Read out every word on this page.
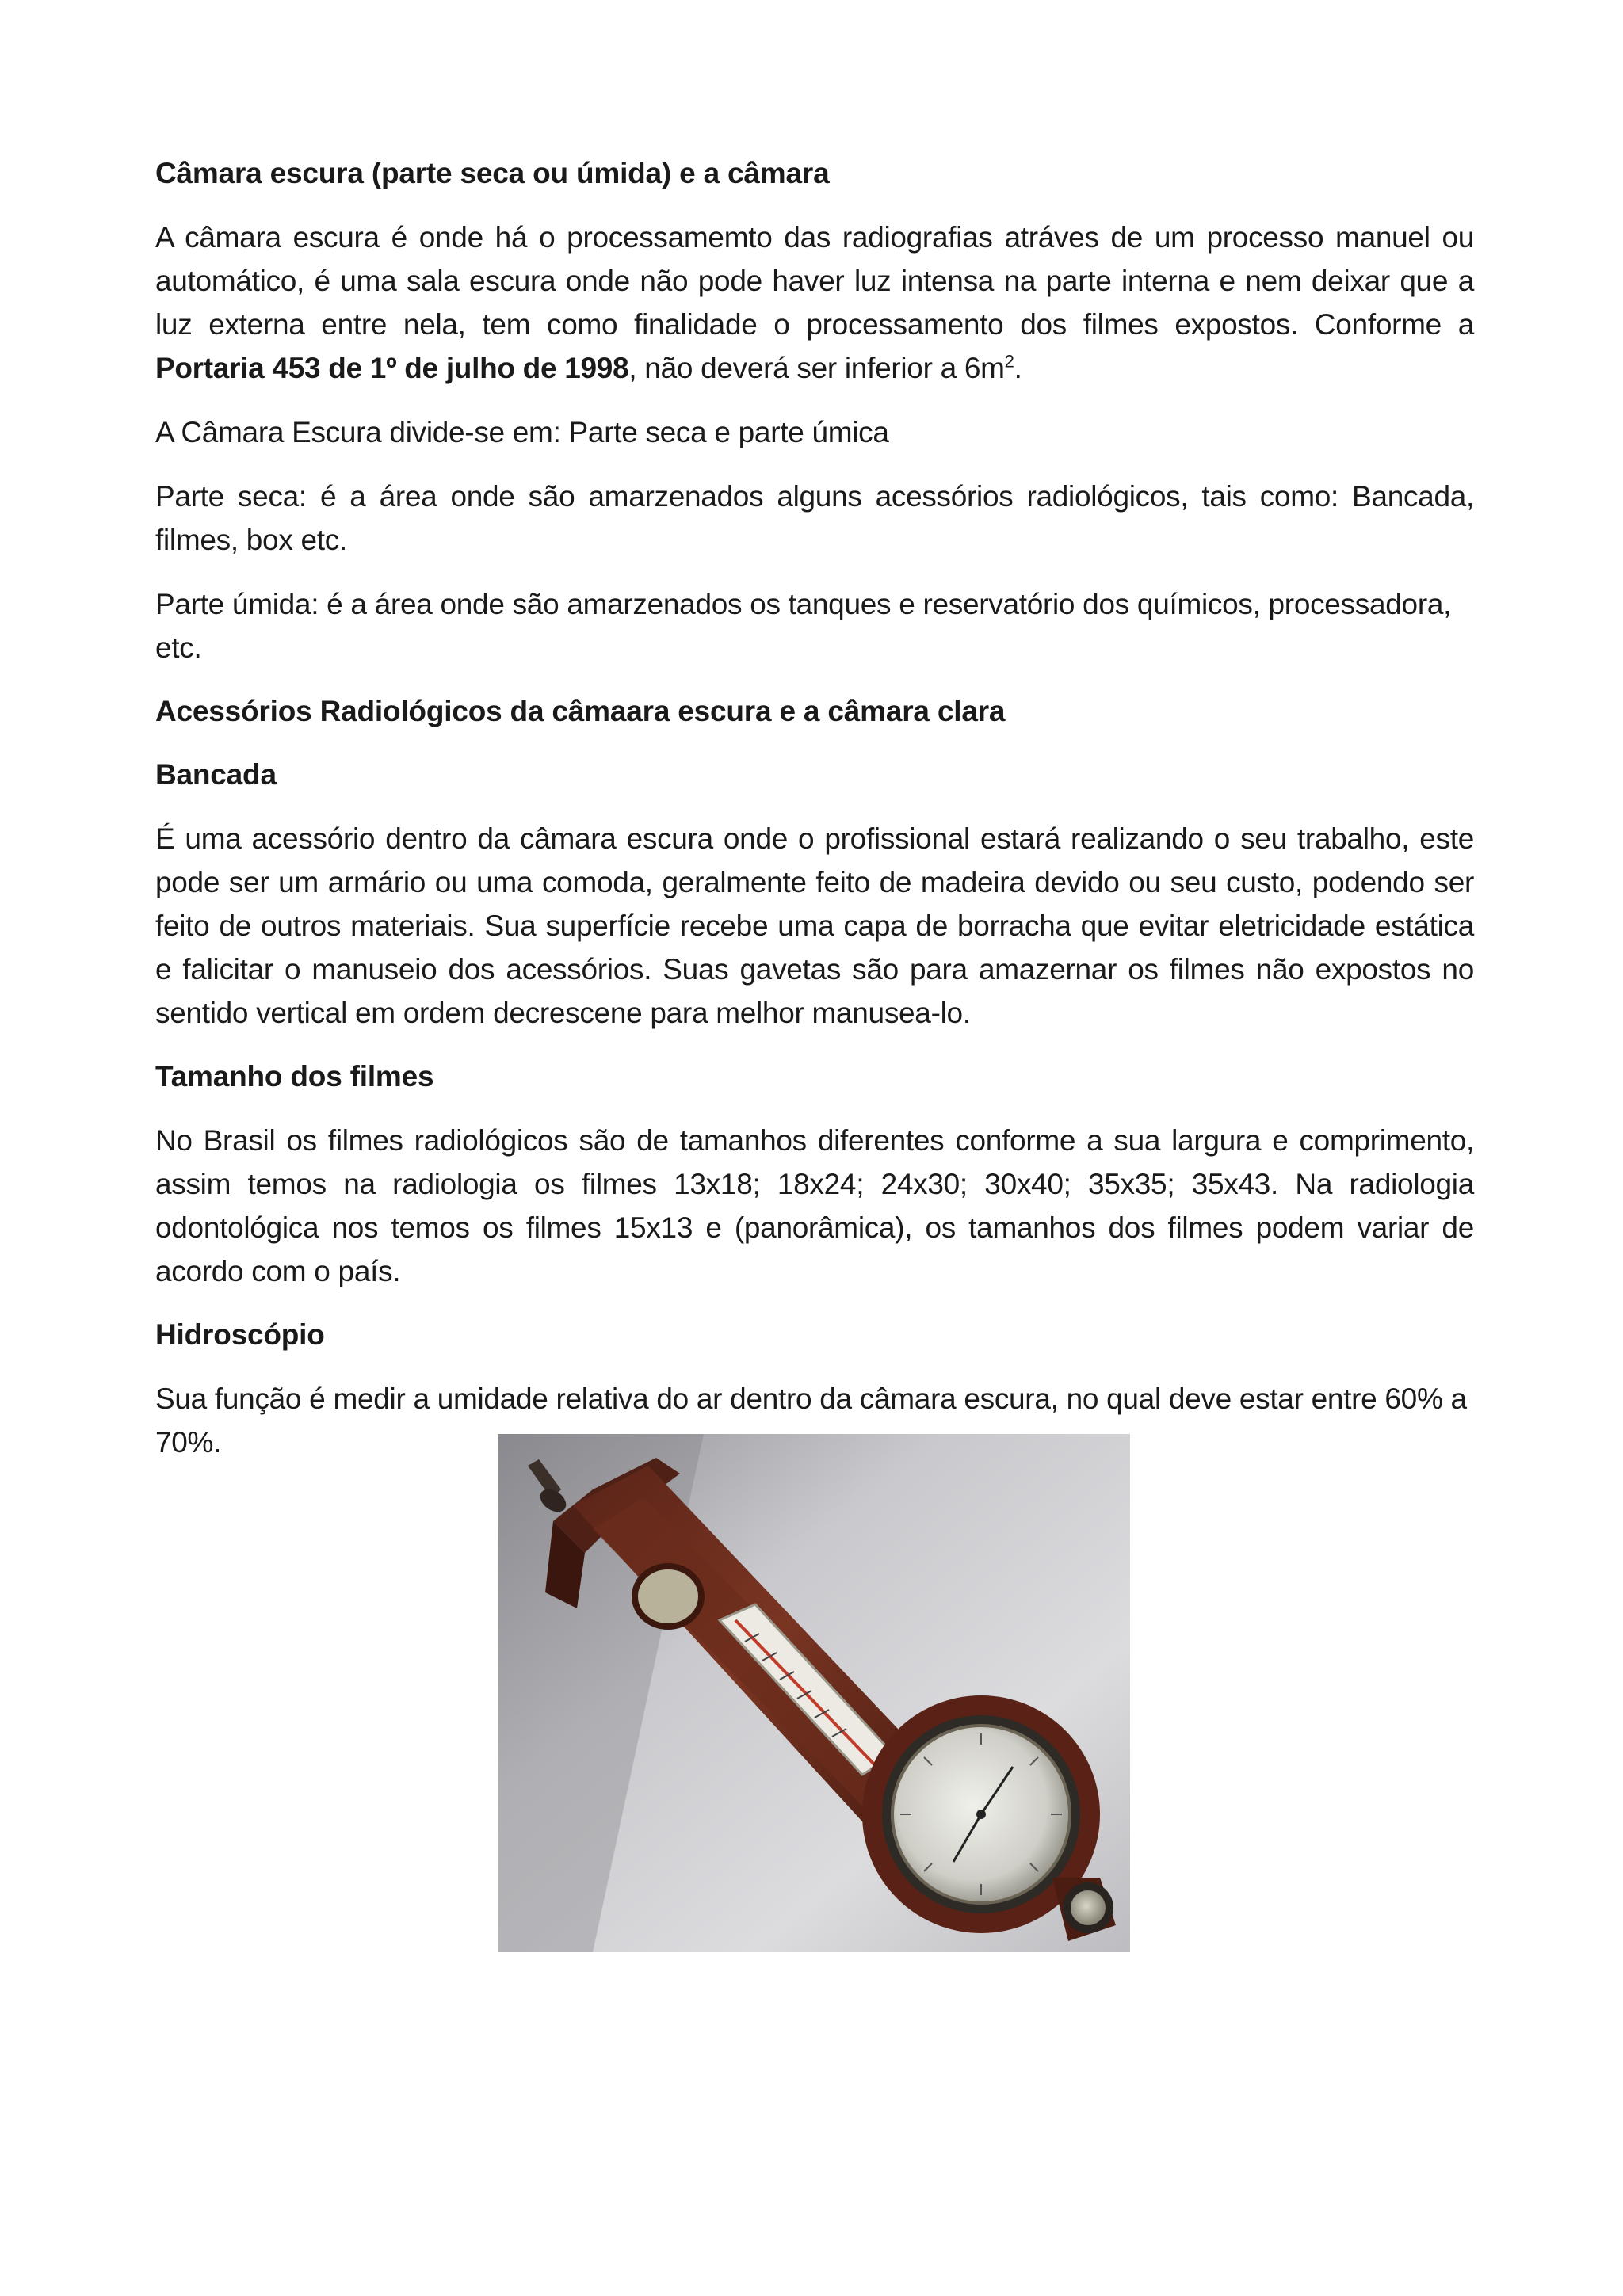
Câmara escura (parte seca ou úmida) e a câmara

A câmara escura é onde há o processamemto das radiografias atráves de um processo manuel ou automático, é uma sala escura onde não pode haver luz intensa na parte interna e nem deixar que a luz externa entre nela, tem como finalidade o processamento dos filmes expostos. Conforme a Portaria 453 de 1º de julho de 1998, não deverá ser inferior a $6m^2$.

A Câmara Escura divide-se em: Parte seca e parte úmica

Parte seca: é a área onde são amarzenados alguns acessórios radiológicos, tais como: Bancada, filmes, box etc.

Parte úmida: é a área onde são amarzenados os tanques e reservatório dos químicos, processadora, etc.

Acessórios Radiológicos da câmaara escura e a câmara clara
Bancada

É uma acessório dentro da câmara escura onde o profissional estará realizando o seu trabalho, este pode ser um armário ou uma comoda, geralmente feito de madeira devido ou seu custo, podendo ser feito de outros materiais. Sua superfície recebe uma capa de borracha que evitar eletricidade estática e falicitar o manuseio dos acessórios. Suas gavetas são para amazernar os filmes não expostos no sentido vertical em ordem decrescene para melhor manusea-lo.

Tamanho dos filmes

No Brasil os filmes radiológicos são de tamanhos diferentes conforme a sua largura e comprimento, assim temos na radiologia os filmes 13x18; 18x24; 24x30; 30x40; 35x35; 35x43. Na radiologia odontológica nos temos os filmes 15x13 e (panorâmica), os tamanhos dos filmes podem variar de acordo com o país.

Hidroscópio

Sua função é medir a umidade relativa do ar dentro da câmara escura, no qual deve estar entre 60% a 70%.
